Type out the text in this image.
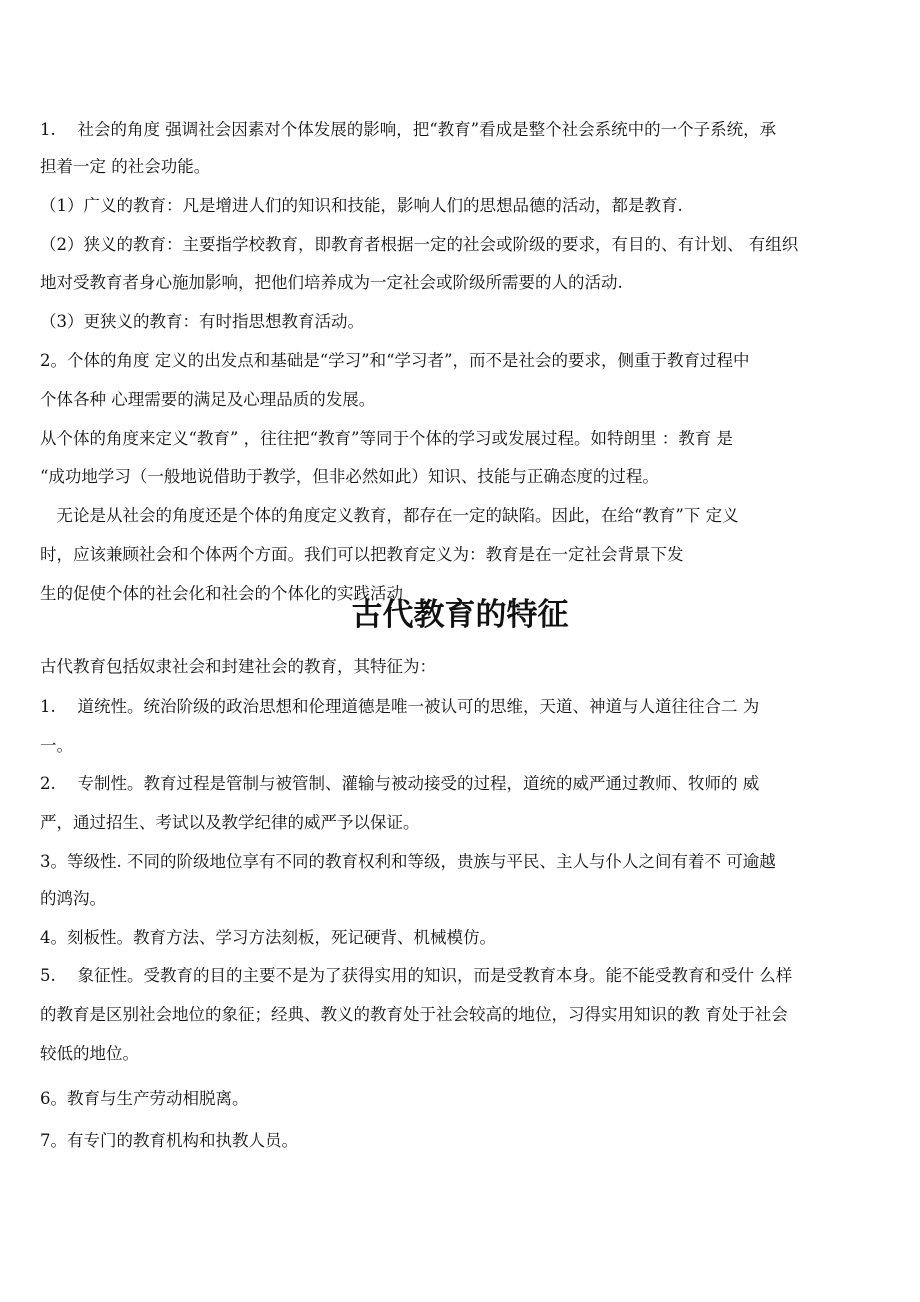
1.　 社会的角度 强调社会因素对个体发展的影响，把“教育”看成是整个社会系统中的一个子系统，承
担着一定 的社会功能。
（1）广义的教育：凡是增进人们的知识和技能，影响人们的思想品德的活动，都是教育.
（2）狭义的教育：主要指学校教育，即教育者根据一定的社会或阶级的要求，有目的、有计划、 有组织
地对受教育者身心施加影响，把他们培养成为一定社会或阶级所需要的人的活动.
（3）更狭义的教育：有时指思想教育活动。
2。个体的角度 定义的出发点和基础是“学习”和“学习者”，而不是社会的要求，侧重于教育过程中
个体各种 心理需要的满足及心理品质的发展。
从个体的角度来定义“教育” ，往往把“教育”等同于个体的学习或发展过程。如特朗里 ：教育 是
“成功地学习（一般地说借助于教学，但非必然如此）知识、技能与正确态度的过程。
　无论是从社会的角度还是个体的角度定义教育，都存在一定的缺陷。因此，在给“教育”下 定义
时，应该兼顾社会和个体两个方面。我们可以把教育定义为：教育是在一定社会背景下发
生的促使个体的社会化和社会的个体化的实践活动
古代教育的特征
古代教育包括奴隶社会和封建社会的教育，其特征为：
1.　 道统性。统治阶级的政治思想和伦理道德是唯一被认可的思维，天道、神道与人道往往合二 为
一。
2.　 专制性。教育过程是管制与被管制、灌输与被动接受的过程，道统的威严通过教师、牧师的 威
严，通过招生、考试以及教学纪律的威严予以保证。
3。等级性. 不同的阶级地位享有不同的教育权利和等级，贵族与平民、主人与仆人之间有着不 可逾越
的鸿沟。
4。刻板性。教育方法、学习方法刻板，死记硬背、机械模仿。
5.　 象征性。受教育的目的主要不是为了获得实用的知识，而是受教育本身。能不能受教育和受什 么样
的教育是区别社会地位的象征；经典、教义的教育处于社会较高的地位，习得实用知识的教 育处于社会
较低的地位。
6。教育与生产劳动相脱离。
7。有专门的教育机构和执教人员。
